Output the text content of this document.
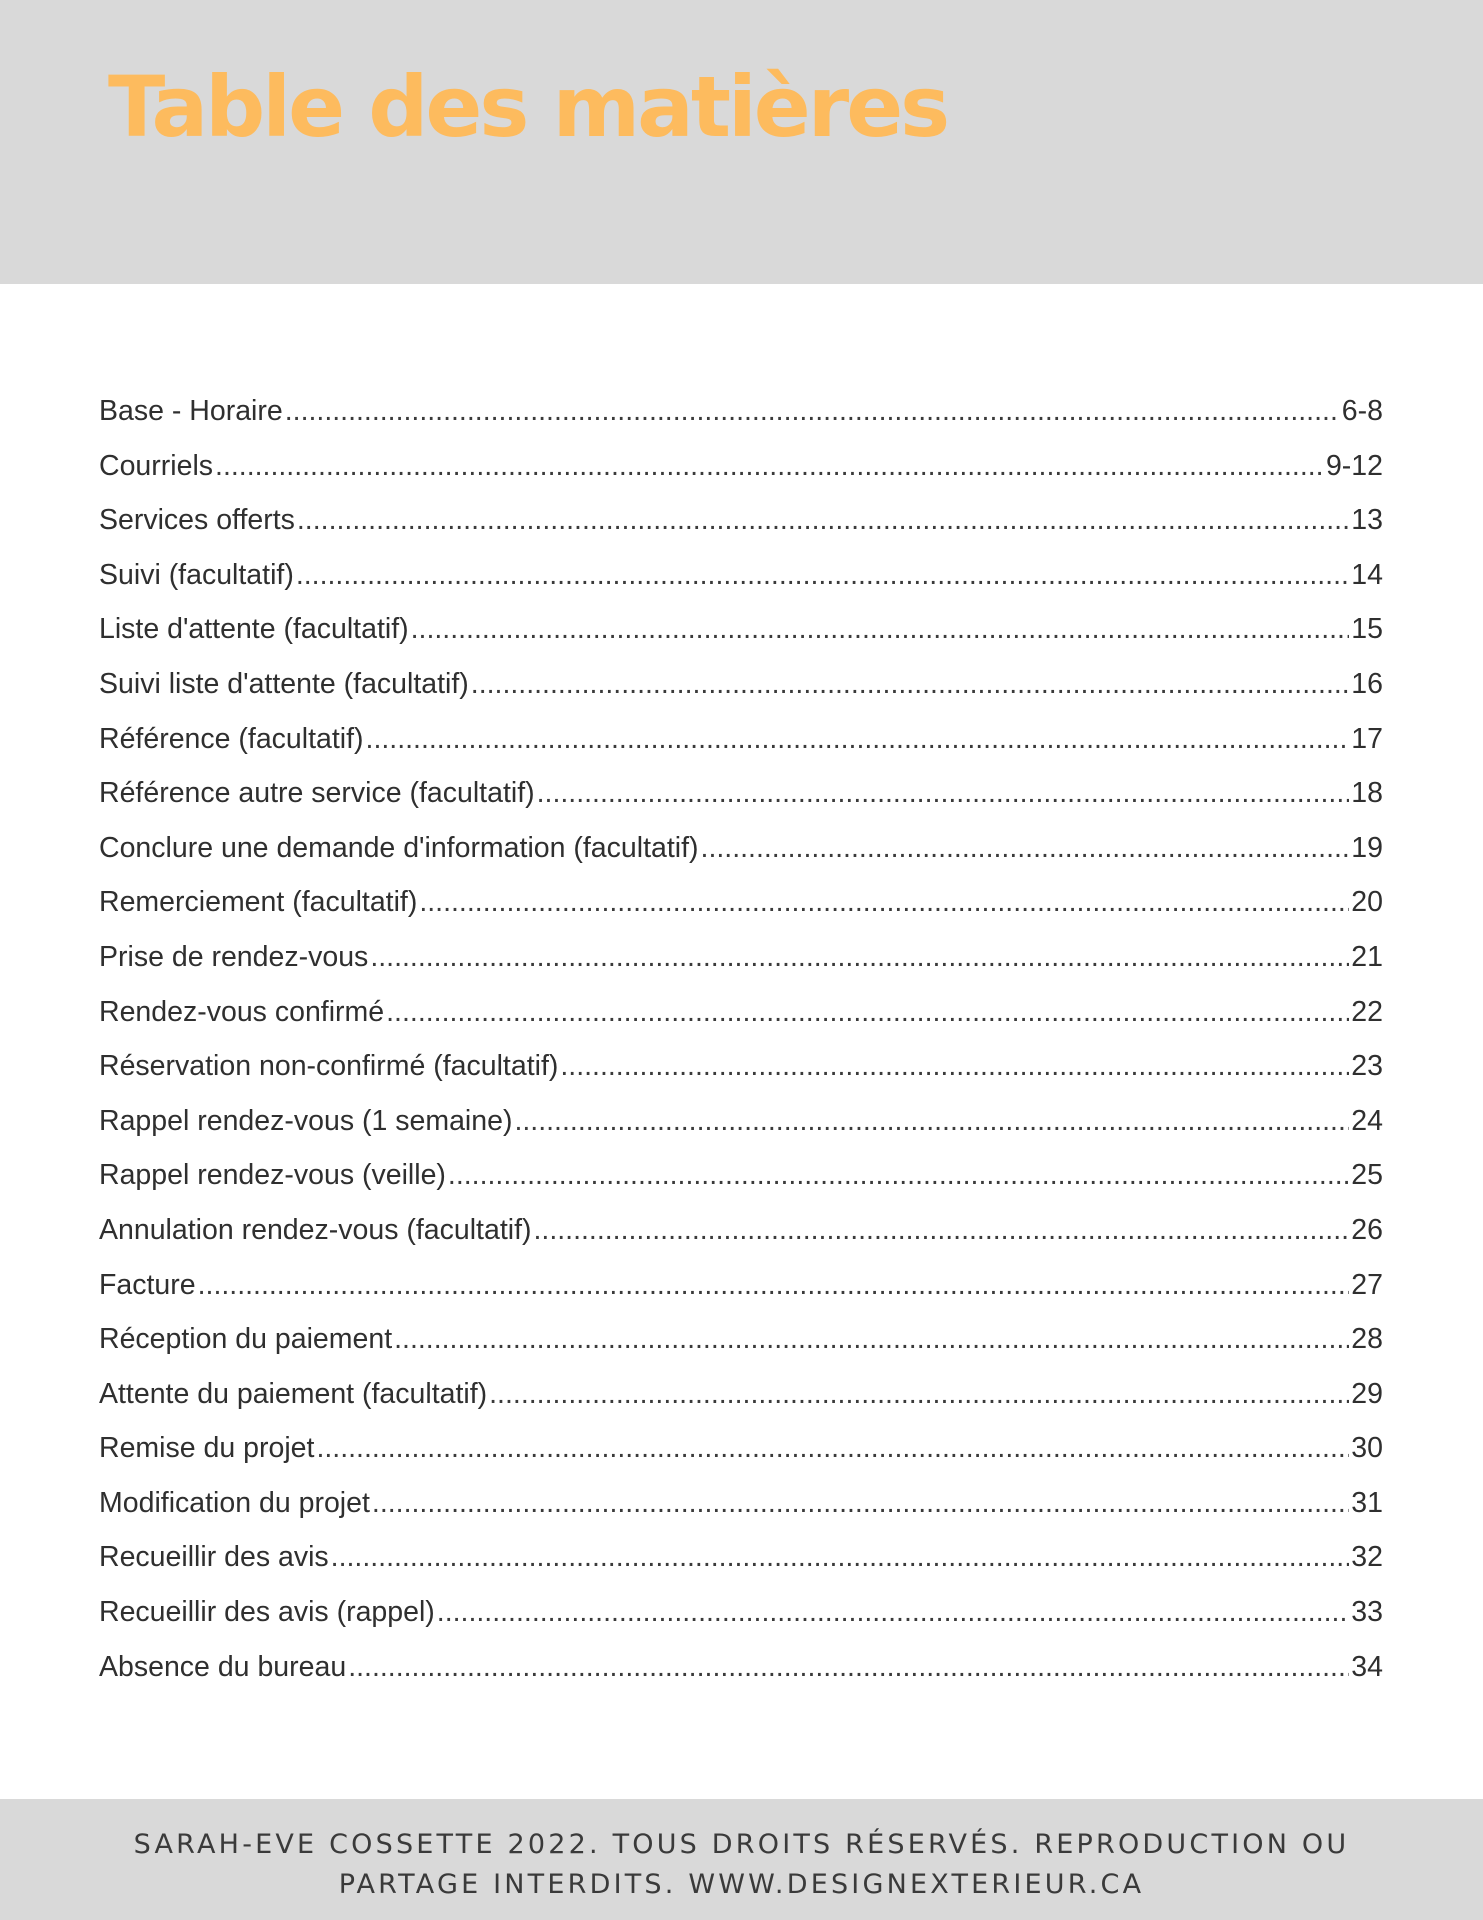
Table des matières
Base - Horaire .....	6-8
Courriels .....	9-12
Services offerts .....	13
Suivi (facultatif) .....	14
Liste d'attente (facultatif) .....	15
Suivi liste d'attente (facultatif) .....	16
Référence (facultatif) .....	17
Référence autre service (facultatif) .....	18
Conclure une demande d'information (facultatif) .....	19
Remerciement (facultatif) .....	20
Prise de rendez-vous .....	21
Rendez-vous confirmé .....	22
Réservation non-confirmé (facultatif) .....	23
Rappel rendez-vous (1 semaine) .....	24
Rappel rendez-vous (veille) .....	25
Annulation rendez-vous (facultatif) .....	26
Facture .....	27
Réception du paiement .....	28
Attente du paiement (facultatif) .....	29
Remise du projet .....	30
Modification du projet .....	31
Recueillir des avis .....	32
Recueillir des avis (rappel) .....	33
Absence du bureau .....	34

SARAH-EVE COSSETTE 2022. TOUS DROITS RÉSERVÉS. REPRODUCTION OU
PARTAGE INTERDITS. WWW.DESIGNEXTERIEUR.CA
